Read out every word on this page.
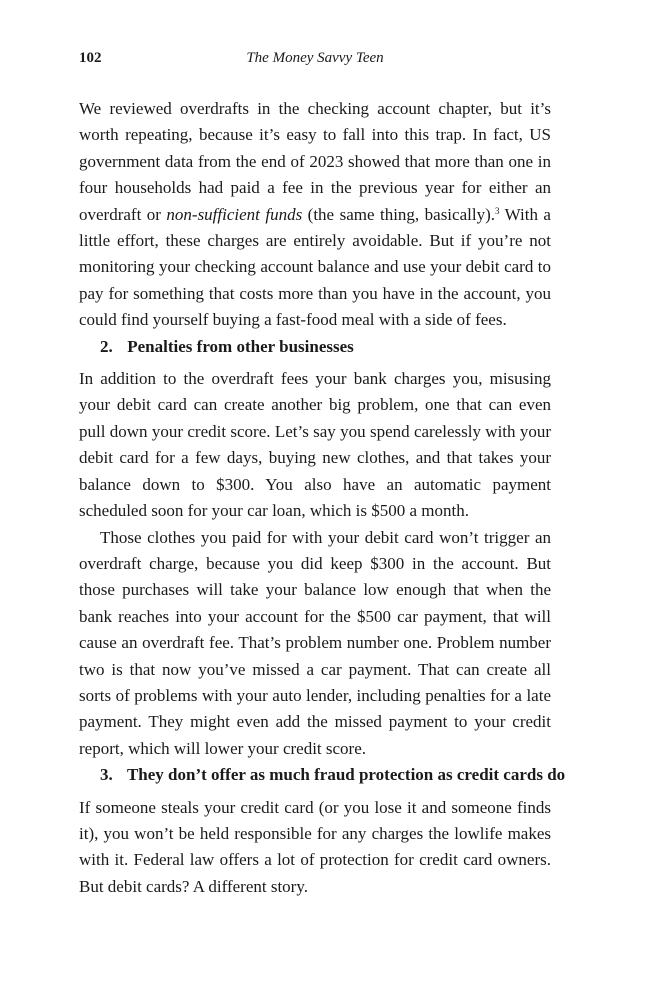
102	The Money Savvy Teen

We reviewed overdrafts in the checking account chapter, but it’s worth repeating, because it’s easy to fall into this trap. In fact, US government data from the end of 2023 showed that more than one in four households had paid a fee in the previous year for either an overdraft or non-sufficient funds (the same thing, basically).$^3$ With a little effort, these charges are entirely avoidable. But if you’re not monitoring your checking account balance and use your debit card to pay for something that costs more than you have in the account, you could find yourself buying a fast-food meal with a side of fees.

2. Penalties from other businesses

In addition to the overdraft fees your bank charges you, misusing your debit card can create another big problem, one that can even pull down your credit score. Let’s say you spend carelessly with your debit card for a few days, buying new clothes, and that takes your balance down to $300. You also have an automatic payment scheduled soon for your car loan, which is $500 a month.

Those clothes you paid for with your debit card won’t trigger an overdraft charge, because you did keep $300 in the account. But those purchases will take your balance low enough that when the bank reaches into your account for the $500 car payment, that will cause an overdraft fee. That’s problem number one. Problem number two is that now you’ve missed a car payment. That can create all sorts of problems with your auto lender, including penalties for a late payment. They might even add the missed payment to your credit report, which will lower your credit score.

3. They don’t offer as much fraud protection as credit cards do

If someone steals your credit card (or you lose it and someone finds it), you won’t be held responsible for any charges the lowlife makes with it. Federal law offers a lot of protection for credit card owners. But debit cards? A different story.
